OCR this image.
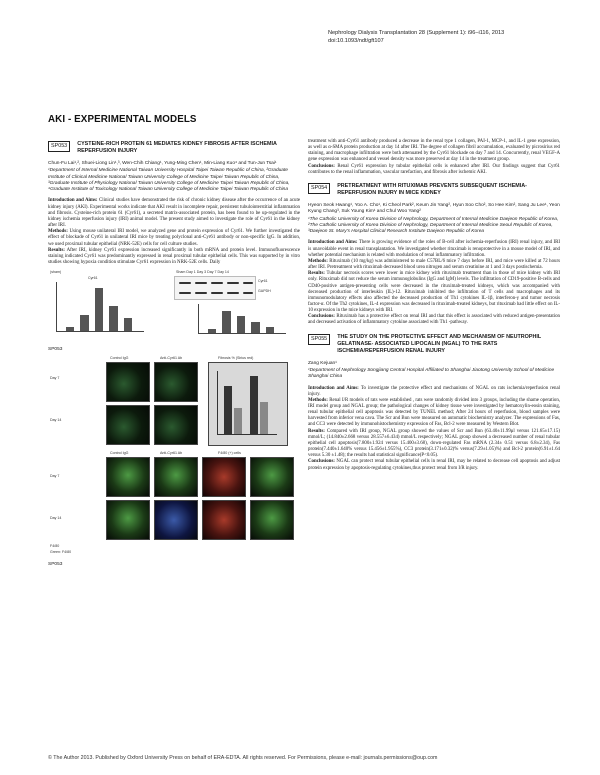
Nephrology Dialysis Transplantation 28 (Supplement 1): i96–i116, 2013
doi:10.1093/ndt/gft107
AKI - EXPERIMENTAL MODELS
SP053	CYSTEINE-RICH PROTEIN 61 MEDIATES KIDNEY FIBROSIS AFTER ISCHEMIA REPERFUSION INJURY
Chun-Fu Lai¹,², Shuei-Liong Lin¹,³, Wen-Chih Chiang¹, Yung-Ming Chen¹, Min-Liang Kuo⁴ and Tun-Jun Tsai¹
¹Department of Internal Medicine National Taiwan University Hospital Taipei Taiwan Republic of China, ²Graduate Institute of Clinical Medicine National Taiwan University College of Medicine Taipei Taiwan Republic of China, ³Graduate Institute of Physiology National Taiwan University College of Medicine Taipei Taiwan Republic of China, ⁴Graduate Institute of Toxicology National Taiwan University College of Medicine Taipei Taiwan Republic of China

Introduction and Aims: Clinical studies have demonstrated the risk of chronic kidney disease after the occurrence of an acute kidney injury (AKI). Experimental works indicate that AKI result in incomplete repair, persistent tubulointerstitial inflammation and fibrosis. Cysteine-rich protein 61 (Cyr61), a secreted matrix-associated protein, has been found to be up-regulated in the kidney ischemia reperfusion injury (IRI) animal model. The present study aimed to investigate the role of Cyr61 in the kidney after IRI.

Methods: Using mouse unilateral IRI model, we analyzed gene and protein expression of Cyr61. We further investigated the effect of blockade of Cyr61 in unilateral IRI mice by treating polyclonal anti-Cyr61 antibody or non-specific IgG. In addition, we used proximal tubular epithelial (NRK-52E) cells for cell culture studies.

Results: After IRI, kidney Cyr61 expression increased significantly in both mRNA and protein level. Immunofluorescence staining indicated Cyr61 was predominantly expressed in renal proximal tubular epithelial cells. This was supported by in vitro studies showing hypoxia condition stimulate Cyr61 expression in NRK-52E cells. Daily

(sham)
Cyr61
Sham Day 1 Day 3 Day 7 Day 14
Cyr61
GAPDH
SP053
Control IgG	Anti-Cyr61 Ab	Fibrosis % (Sirius red)
Day 7
Day 14
Control IgG	Anti-Cyr61 Ab	F4/80 (+) cells
Day 7
Day 14
F4/80
Green: F4/80
SP053

treatment with anti-Cyr61 antibody produced a decrease in the renal type 1 collagen, PAI-1, MCP-1, and IL-1 gene expression, as well as α-SMA protein production at day 14 after IRI. The degree of collagen fibril accumulation, evaluated by picrosirius red staining, and macrophage infiltration were both attenuated by the Cyr61 blockade on day 7 and 14. Concurrently, renal VEGF-A gene expression was enhanced and vessel density was more preserved at day 14 in the treatment group.

Conclusions: Renal Cyr61 expression by tubular epithelial cells is enhanced after IRI. Our findings suggest that Cyr61 contributes to the renal inflammation, vascular rarefaction, and fibrosis after ischemic AKI.

SP054	PRETREATMENT WITH RITUXIMAB PREVENTS SUBSEQUENT ISCHEMIA-REPERFUSION INJURY IN MICE KIDNEY
Hyeon Seok Hwang¹, Yoo A. Cho¹, Ki Cheol Park², Keum Jin Yang², Hyun Soo Cho², So Hee Kim², Sang Ju Lee¹, Yeon Kyung Chang³, Suk Young Kim¹ and Chul Woo Yang²
¹The Catholic University of Korea Division of Nephrology, Department of Internal Medicine Daejeon Republic of Korea, ²The Catholic University of Korea Division of Nephrology, Department of Internal Medicine Seoul Republic of Korea, ³Daejeon St. Mary's Hospital Clinical Research Institute Daejeon Republic of Korea

Introduction and Aims: There is growing evidence of the roles of B-cell after ischemia-reperfusion (IRI) renal injury, and IRI is unavoidable event in renal transplantation. We investigated whether rituximab is renoprotective in a mouse model of IRI, and whether potential mechanism is related with modulation of renal inflammatory infiltration.

Methods: Rituximab (10 mg/kg) was administered to male C57BL/6 mice 7 days before IRI, and mice were killed at 72 hours after IRI. Pretreatment with rituximab decreased blood urea nitrogen and serum creatinine at 1 and 3 days postischemia.

Results: Tubular necrosis scores were lower in mice kidney with rituximab treatment than in those of mice kidney with IRI only. Rituximab did not reduce the serum immunoglobulins (IgG and IgM) levels. The infiltration of CD19-positive B-cells and CD40-positive antigen-presenting cells were decreased in the rituximab-treated kidneys, which was accompanied with decreased production of interleukin (IL)-12. Rituximab inhibited the infiltration of T cells and macrophages and its immunomodulatory effects also affected the decreased production of Th1 cytokines IL-1β, interferon-γ and tumor necrosis factor-α. Of the Th2 cytokines, IL-4 expression was decreased in rituximab-treated kidneys, but rituximab had little effect on IL-10 expression in the mice kidneys with IRI.

Conclusions: Rituximab has a protective effect on renal IRI and that this effect is associated with reduced antigen-presentation and decreased activation of inflammatory cytokine associated with Th1 -pathway.

SP055	THE STUDY ON THE PROTECTIVE EFFECT AND MECHANISM OF NEUTROPHIL GELATINASE- ASSOCIATED LIPOCALIN (NGAL) TO THE RATS ISCHEMIA/REPERFUSION RENAL INJURY
Zang Kejuan¹
¹Department of Nephrology Songjiang Central Hospital Affiliated to Shanghai Jiaotong University School of Medicine Shanghai China

Introduction and Aims: To investigate the protective effect and mechanisms of NGAL on rats ischemia/reperfusion renal injury.

Methods: Renal I/R models of rats were established , rats were randomly divided into 3 groups, including the shame operation, IRI model group and NGAL group; the pathological changes of kidney tissue were investigated by hematoxylin-eosin staining, renal tubular epithelial cell apoptosis was detected by TUNEL method; After 24 hours of reperfusion, blood samples were harvested from inferior vena cava. The Scr and Bun were measured on automatic biochemistry analyzer. The expressions of Fas, and CC3 were detected by immunohistochemistry expression of Fas, Bcl-2 were measured by Western Blot.

Results: Compared with IRI group, NGAL group showed the values of Scr and Bun (63.40±11.99μl versus 121.65±17.15) mmol/L; (14.840±2.668 versus 28.557±6.434) mmol/L respectively; NGAL group showed a decreased number of renal tubular epithelial cell apoptosis(7.800±1.924 versus 15.400±3.68), down-regulated Fas mRNA (2.34± 0.51 versus 6.8±2.34), Fas protein(7.440±1.640% versus 15.456±1.955%), CC3 protein(3.171±0.32)% versus(7.29±1.05)%) and Bcl-2 protein(6.91±1.64 versus 5.30 ±1.48); the results had statistical significance(P<0.05).

Conclusions: NGAL can protect renal tubular epithelial cells in renal IRI, may be related to decrease cell apoptosis and adjust protein expression by apoptosis-regulating cytokines,thus protect renal from I/R injury.

© The Author 2013. Published by Oxford University Press on behalf of ERA-EDTA. All rights reserved. For Permissions, please e-mail: journals.permissions@oup.com
